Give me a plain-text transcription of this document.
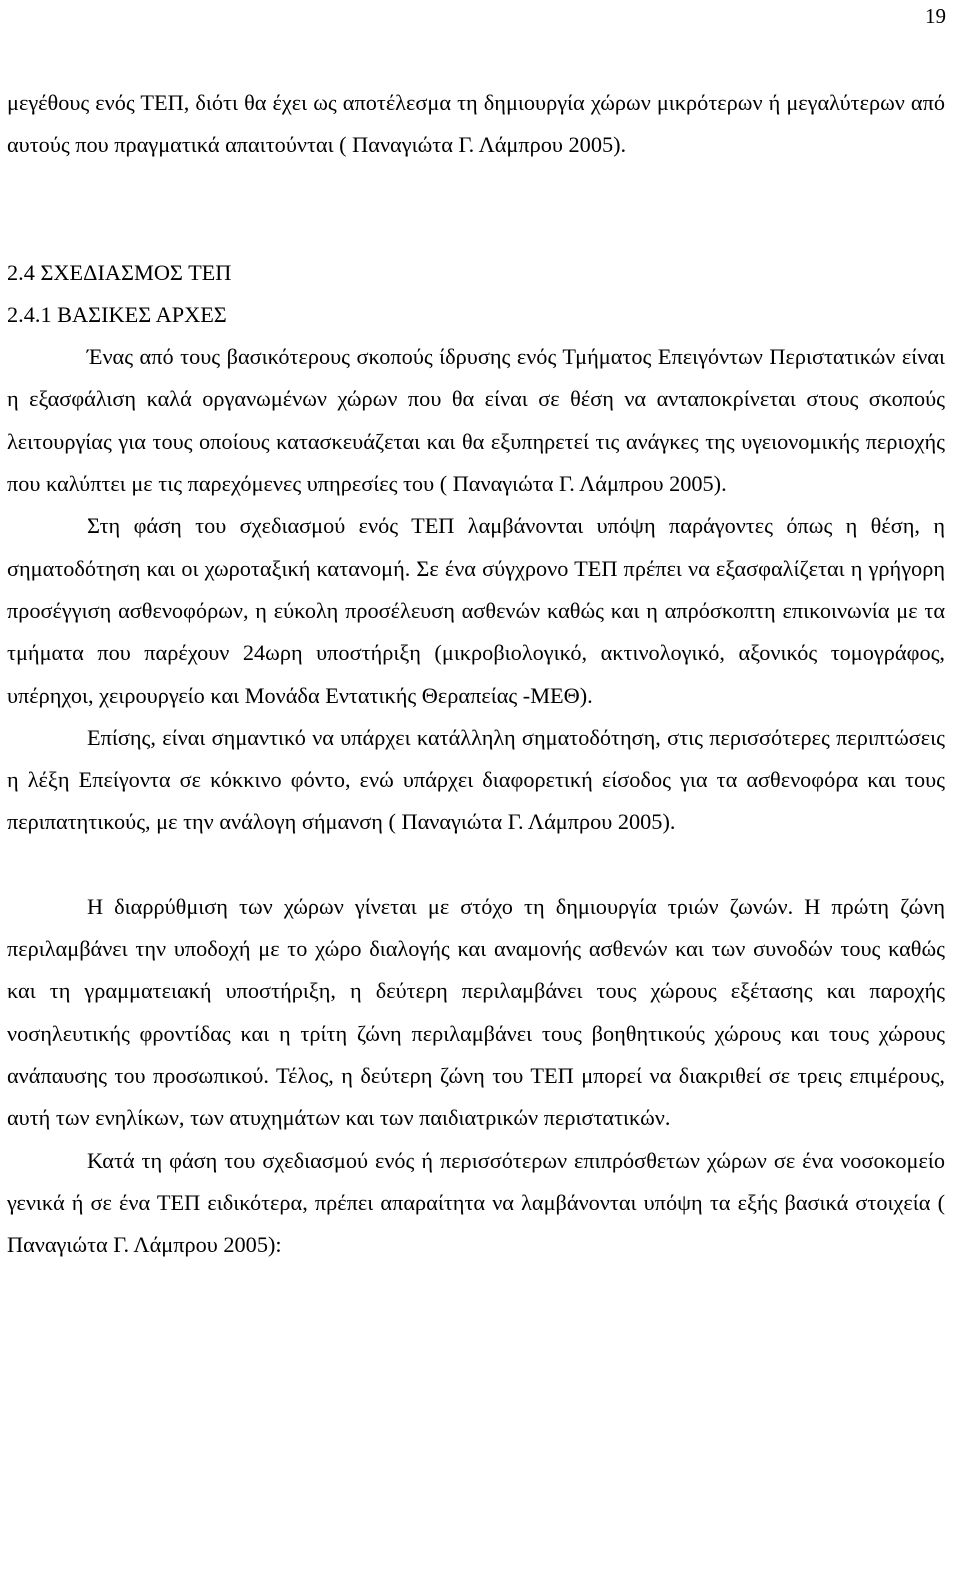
19

μεγέθους ενός ΤΕΠ, διότι θα έχει ως αποτέλεσμα τη δημιουργία χώρων μικρότερων ή μεγαλύτερων από αυτούς που πραγματικά απαιτούνται ( Παναγιώτα Γ. Λάμπρου 2005).

2.4 ΣΧΕΔΙΑΣΜΟΣ ΤΕΠ
2.4.1 ΒΑΣΙΚΕΣ ΑΡΧΕΣ

Ένας από τους βασικότερους σκοπούς ίδρυσης ενός Τμήματος Επειγόντων Περιστατικών είναι η εξασφάλιση καλά οργανωμένων χώρων που θα είναι σε θέση να ανταποκρίνεται στους σκοπούς λειτουργίας για τους οποίους κατασκευάζεται και θα εξυπηρετεί τις ανάγκες της υγειονομικής περιοχής που καλύπτει με τις παρεχόμενες υπηρεσίες του ( Παναγιώτα Γ. Λάμπρου 2005).

Στη φάση του σχεδιασμού ενός ΤΕΠ λαμβάνονται υπόψη παράγοντες όπως η θέση, η σηματοδότηση και οι χωροταξική κατανομή. Σε ένα σύγχρονο ΤΕΠ πρέπει να εξασφαλίζεται η γρήγορη προσέγγιση ασθενοφόρων, η εύκολη προσέλευση ασθενών καθώς και η απρόσκοπτη επικοινωνία με τα τμήματα που παρέχουν 24ωρη υποστήριξη (μικροβιολογικό, ακτινολογικό, αξονικός τομογράφος, υπέρηχοι, χειρουργείο και Μονάδα Εντατικής Θεραπείας -ΜΕΘ).

Επίσης, είναι σημαντικό να υπάρχει κατάλληλη σηματοδότηση, στις περισσότερες περιπτώσεις η λέξη Επείγοντα σε κόκκινο φόντο, ενώ υπάρχει διαφορετική είσοδος για τα ασθενοφόρα και τους περιπατητικούς, με την ανάλογη σήμανση ( Παναγιώτα Γ. Λάμπρου 2005).

Η διαρρύθμιση των χώρων γίνεται με στόχο τη δημιουργία τριών ζωνών. Η πρώτη ζώνη περιλαμβάνει την υποδοχή με το χώρο διαλογής και αναμονής ασθενών και των συνοδών τους καθώς και τη γραμματειακή υποστήριξη, η δεύτερη περιλαμβάνει τους χώρους εξέτασης και παροχής νοσηλευτικής φροντίδας και η τρίτη ζώνη περιλαμβάνει τους βοηθητικούς χώρους και τους χώρους ανάπαυσης του προσωπικού. Τέλος, η δεύτερη ζώνη του ΤΕΠ μπορεί να διακριθεί σε τρεις επιμέρους, αυτή των ενηλίκων, των ατυχημάτων και των παιδιατρικών περιστατικών.

Κατά τη φάση του σχεδιασμού ενός ή περισσότερων επιπρόσθετων χώρων σε ένα νοσοκομείο γενικά ή σε ένα ΤΕΠ ειδικότερα, πρέπει απαραίτητα να λαμβάνονται υπόψη τα εξής βασικά στοιχεία ( Παναγιώτα Γ. Λάμπρου 2005):
